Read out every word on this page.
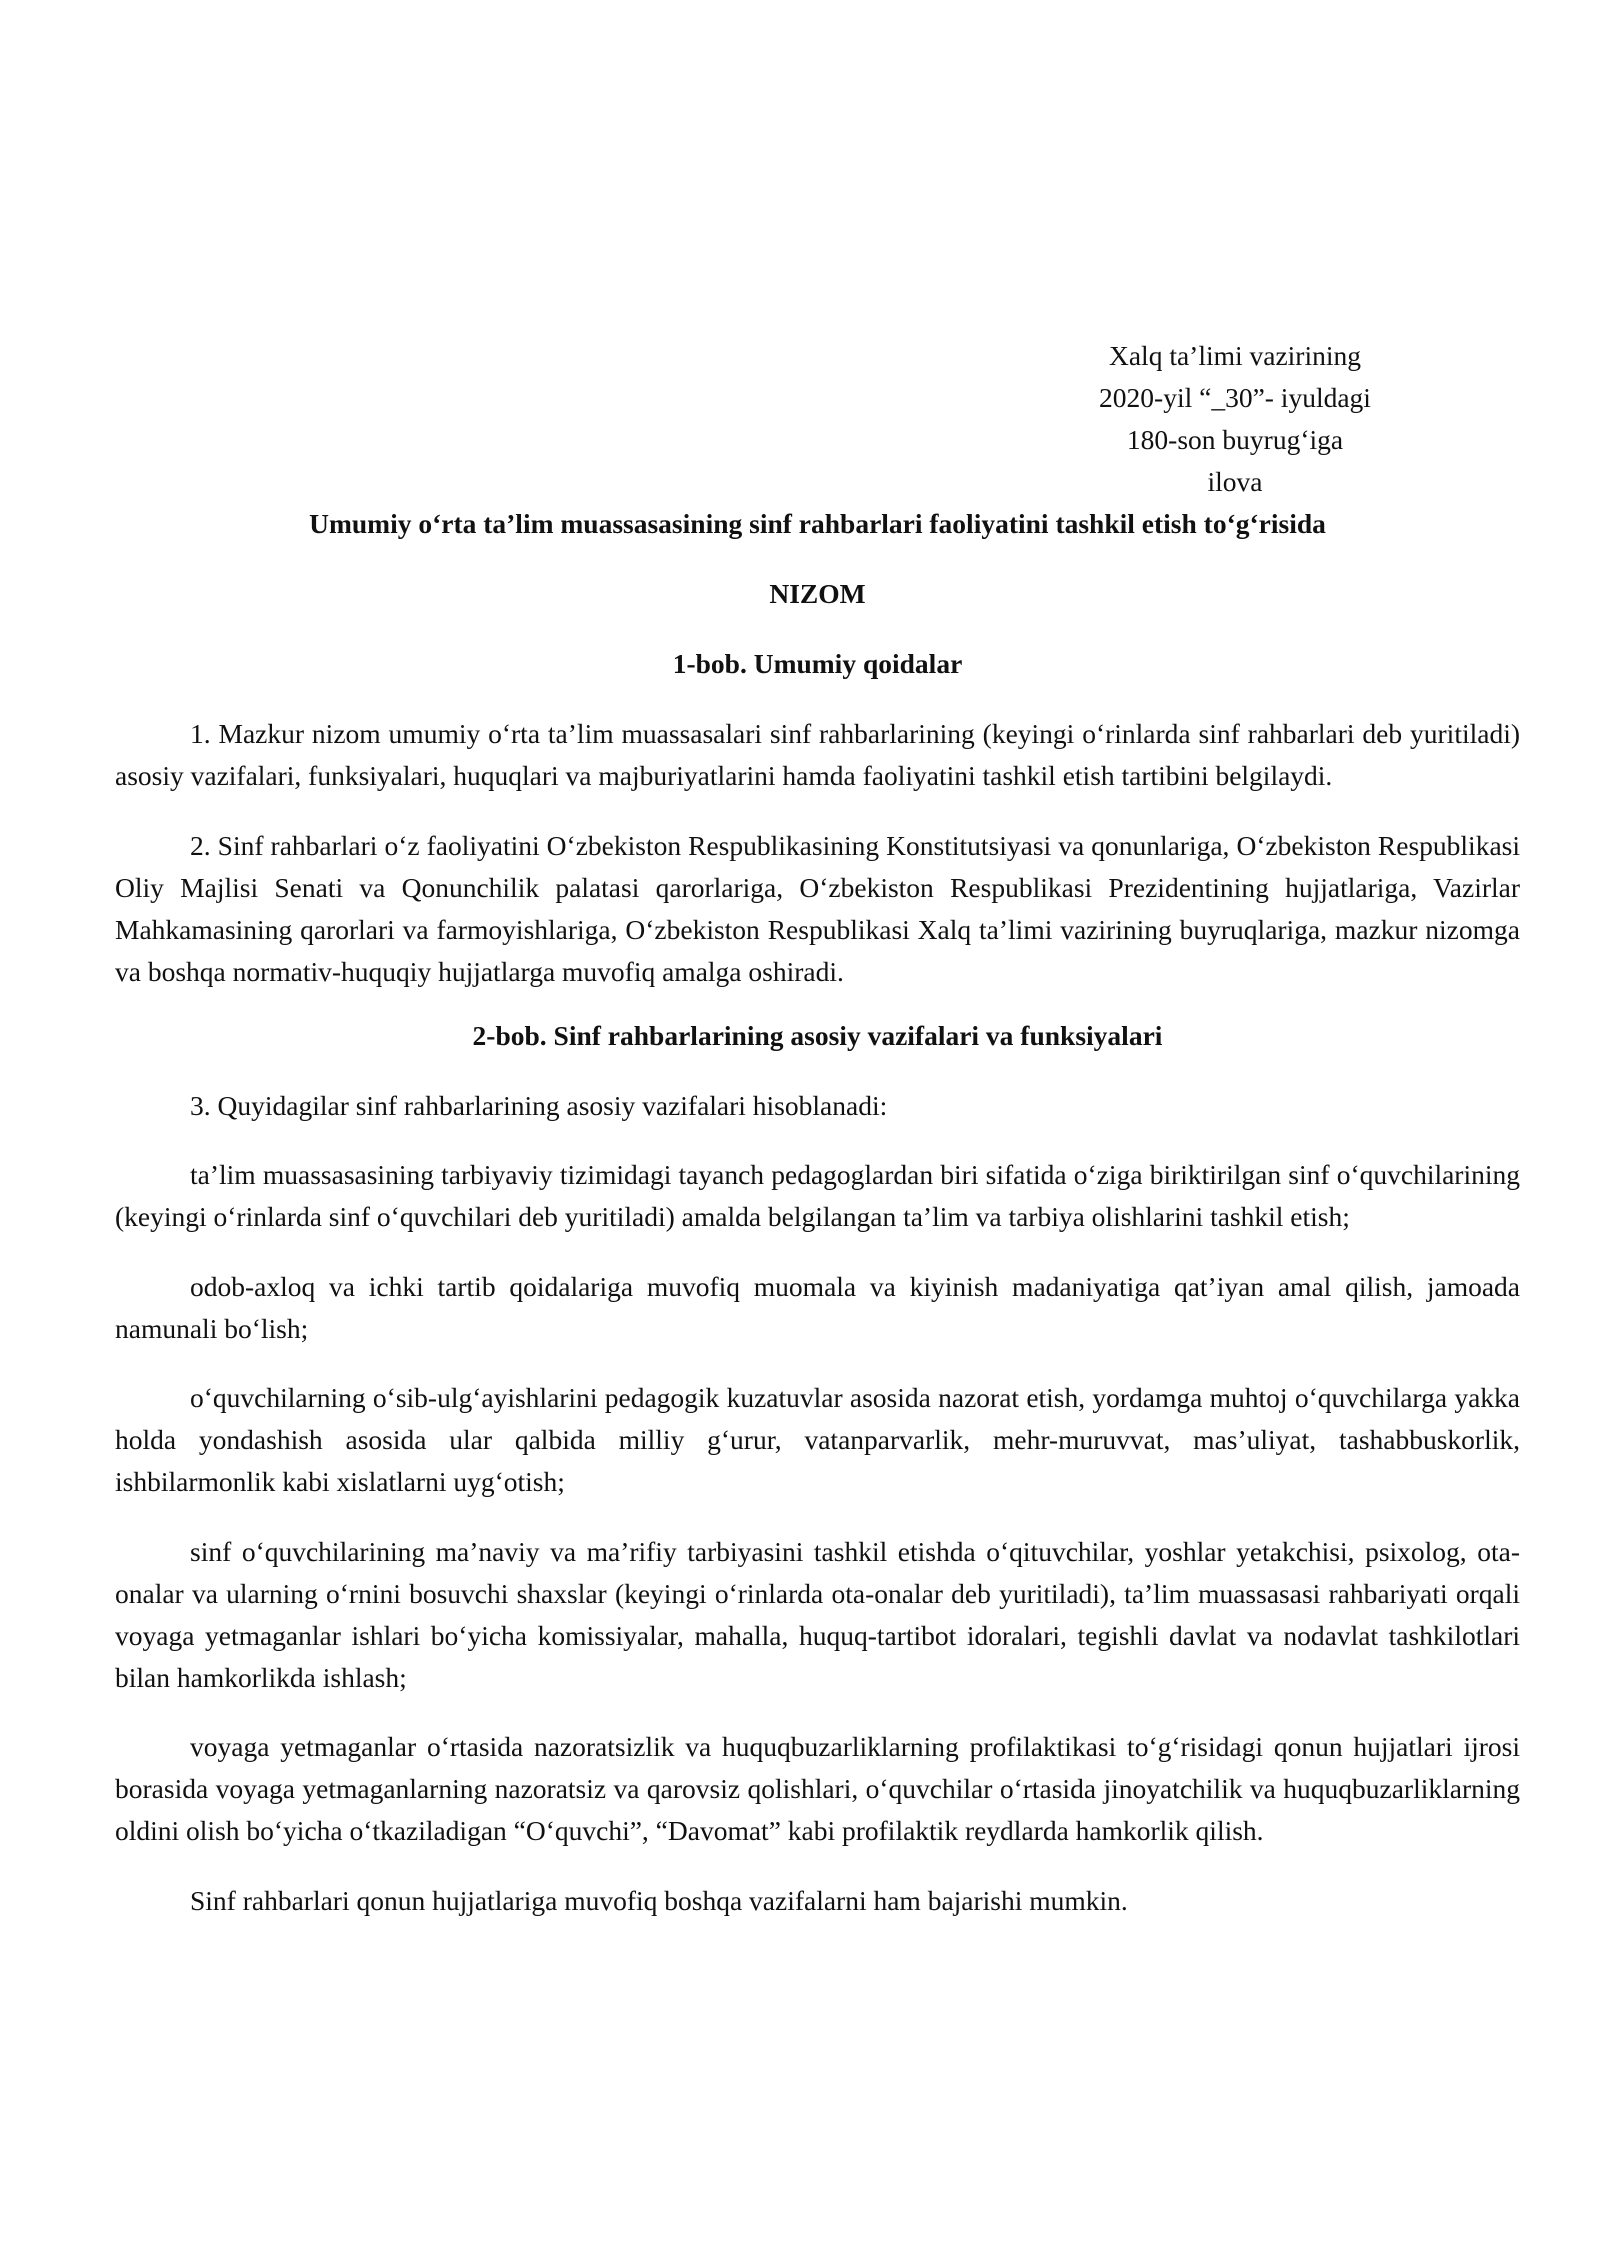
Xalq ta’limi vazirining
2020-yil “_30”- iyuldagi
180-son buyrug‘iga
ilova
Umumiy o‘rta ta’lim muassasasining sinf rahbarlari faoliyatini tashkil etish to‘g‘risida
NIZOM
1-bob. Umumiy qoidalar

1. Mazkur nizom umumiy o‘rta ta’lim muassasalari sinf rahbarlarining (keyingi o‘rinlarda sinf rahbarlari deb yuritiladi) asosiy vazifalari, funksiyalari, huquqlari va majburiyatlarini hamda faoliyatini tashkil etish tartibini belgilaydi.

2. Sinf rahbarlari o‘z faoliyatini O‘zbekiston Respublikasining Konstitutsiyasi va qonunlariga, O‘zbekiston Respublikasi Oliy Majlisi Senati va Qonunchilik palatasi qarorlariga, O‘zbekiston Respublikasi Prezidentining hujjatlariga, Vazirlar Mahkamasining qarorlari va farmoyishlariga, O‘zbekiston Respublikasi Xalq ta’limi vazirining buyruqlariga, mazkur nizomga va boshqa normativ-huquqiy hujjatlarga muvofiq amalga oshiradi.

2-bob. Sinf rahbarlarining asosiy vazifalari va funksiyalari

3. Quyidagilar sinf rahbarlarining asosiy vazifalari hisoblanadi:

ta’lim muassasasining tarbiyaviy tizimidagi tayanch pedagoglardan biri sifatida o‘ziga biriktirilgan sinf o‘quvchilarining (keyingi o‘rinlarda sinf o‘quvchilari deb yuritiladi) amalda belgilangan ta’lim va tarbiya olishlarini tashkil etish;

odob-axloq va ichki tartib qoidalariga muvofiq muomala va kiyinish madaniyatiga qat’iyan amal qilish, jamoada namunali bo‘lish;

o‘quvchilarning o‘sib-ulg‘ayishlarini pedagogik kuzatuvlar asosida nazorat etish, yordamga muhtoj o‘quvchilarga yakka holda yondashish asosida ular qalbida milliy g‘urur, vatanparvarlik, mehr-muruvvat, mas’uliyat, tashabbuskorlik, ishbilarmonlik kabi xislatlarni uyg‘otish;

sinf o‘quvchilarining ma’naviy va ma’rifiy tarbiyasini tashkil etishda o‘qituvchilar, yoshlar yetakchisi, psixolog, ota-onalar va ularning o‘rnini bosuvchi shaxslar (keyingi o‘rinlarda ota-onalar deb yuritiladi), ta’lim muassasasi rahbariyati orqali voyaga yetmaganlar ishlari bo‘yicha komissiyalar, mahalla, huquq-tartibot idoralari, tegishli davlat va nodavlat tashkilotlari bilan hamkorlikda ishlash;

voyaga yetmaganlar o‘rtasida nazoratsizlik va huquqbuzarliklarning profilaktikasi to‘g‘risidagi qonun hujjatlari ijrosi borasida voyaga yetmaganlarning nazoratsiz va qarovsiz qolishlari, o‘quvchilar o‘rtasida jinoyatchilik va huquqbuzarliklarning oldini olish bo‘yicha o‘tkaziladigan “O‘quvchi”, “Davomat” kabi profilaktik reydlarda hamkorlik qilish.

Sinf rahbarlari qonun hujjatlariga muvofiq boshqa vazifalarni ham bajarishi mumkin.
